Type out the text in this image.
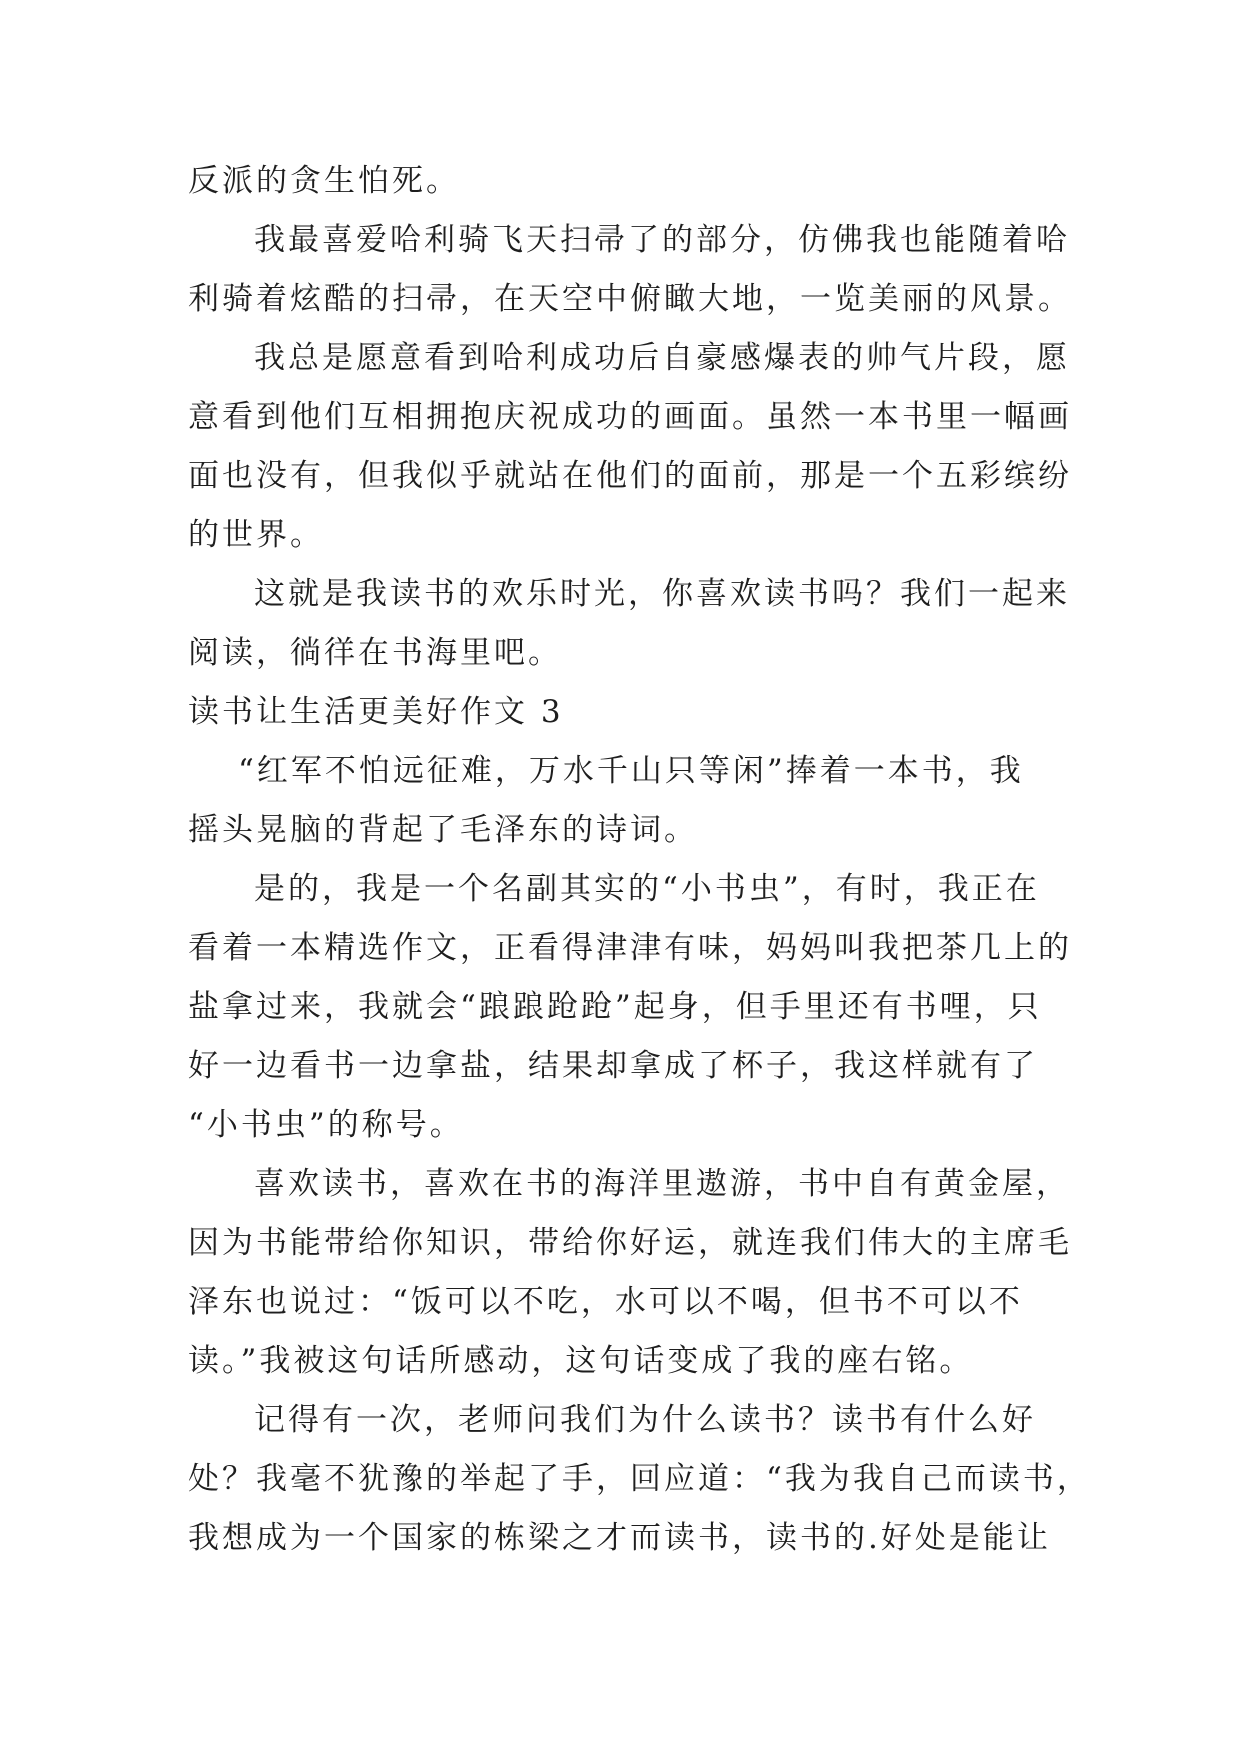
反派的贪生怕死。
我最喜爱哈利骑飞天扫帚了的部分，仿佛我也能随着哈
利骑着炫酷的扫帚，在天空中俯瞰大地，一览美丽的风景。
我总是愿意看到哈利成功后自豪感爆表的帅气片段，愿
意看到他们互相拥抱庆祝成功的画面。虽然一本书里一幅画
面也没有，但我似乎就站在他们的面前，那是一个五彩缤纷
的世界。
这就是我读书的欢乐时光，你喜欢读书吗？我们一起来
阅读，徜徉在书海里吧。
读书让生活更美好作文 3
“红军不怕远征难，万水千山只等闲”捧着一本书，我
摇头晃脑的背起了毛泽东的诗词。
是的，我是一个名副其实的“小书虫”，有时，我正在
看着一本精选作文，正看得津津有味，妈妈叫我把茶几上的
盐拿过来，我就会“踉踉跄跄”起身，但手里还有书哩，只
好一边看书一边拿盐，结果却拿成了杯子，我这样就有了
“小书虫”的称号。
喜欢读书，喜欢在书的海洋里遨游，书中自有黄金屋，
因为书能带给你知识，带给你好运，就连我们伟大的主席毛
泽东也说过：“饭可以不吃，水可以不喝，但书不可以不
读。”我被这句话所感动，这句话变成了我的座右铭。
记得有一次，老师问我们为什么读书？读书有什么好
处？我毫不犹豫的举起了手，回应道：“我为我自己而读书，
我想成为一个国家的栋梁之才而读书，读书的.好处是能让
